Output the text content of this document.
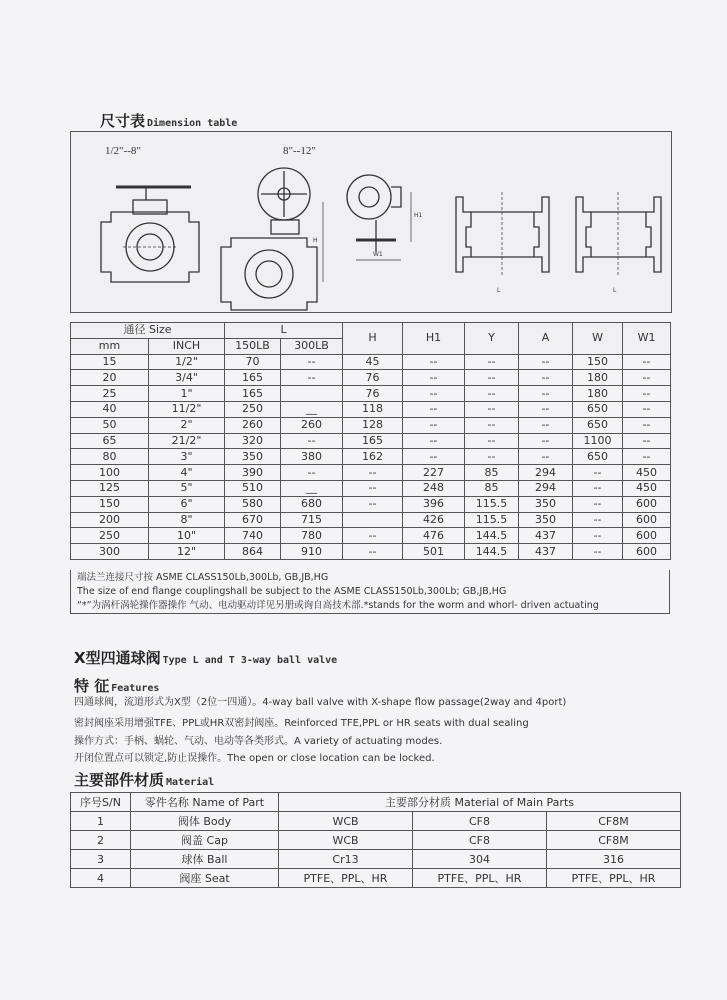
尺寸表 Dimension table
1/2"--8"	8"--12"
H
W1
H1
L	L
通径 Size		L		H	H1	Y	A	W	W1
mm	INCH	150LB	300LB						
15	1/2"	70	--	45	--	--	--	150	--
20	3/4"	165	--	76	--	--	--	180	--
25	1"	165		76	--	--	--	180	--
40	11/2"	250	__	118	--	--	--	650	--
50	2"	260	260	128	--	--	--	650	--
65	21/2"	320	--	165	--	--	--	1100	--
80	3"	350	380	162	--	--	--	650	--
100	4"	390	--	--	227	85	294	--	450
125	5"	510	__	--	248	85	294	--	450
150	6"	580	680	--	396	115.5	350	--	600
200	8"	670	715		426	115.5	350	--	600
250	10"	740	780	--	476	144.5	437	--	600
300	12"	864	910	--	501	144.5	437	--	600
端法兰连接尺寸按 ASME CLASS150Lb,300Lb, GB,JB,HG
The size of end flange couplingshall be subject to the ASME CLASS150Lb,300Lb; GB,JB,HG
“*”为涡杆涡轮操作器操作 气动、电动驱动详见另册或询自高技术部.*stands for the worm and whorl- driven actuating
X型四通球阀 Type L and T 3-way ball valve
特 征 Features
四通球阀，流道形式为X型（2位一四通）。4-way ball valve with X-shape flow passage(2way and 4port)
密封阀座采用增强TFE、PPL或HR双密封阀座。Reinforced TFE,PPL or HR seats with dual sealing
操作方式：手柄、蜗轮、气动、电动等各类形式。A variety of actuating modes.
开闭位置点可以锁定,防止误操作。The open or close location can be locked.
主要部件材质 Material
序号S/N	零件名称 Name of Part	主要部分材质 Material of Main Parts		
1	阀体 Body	WCB	CF8	CF8M
2	阀盖 Cap	WCB	CF8	CF8M
3	球体 Ball	Cr13	304	316
4	阀座 Seat	PTFE、PPL、HR	PTFE、PPL、HR	PTFE、PPL、HR
